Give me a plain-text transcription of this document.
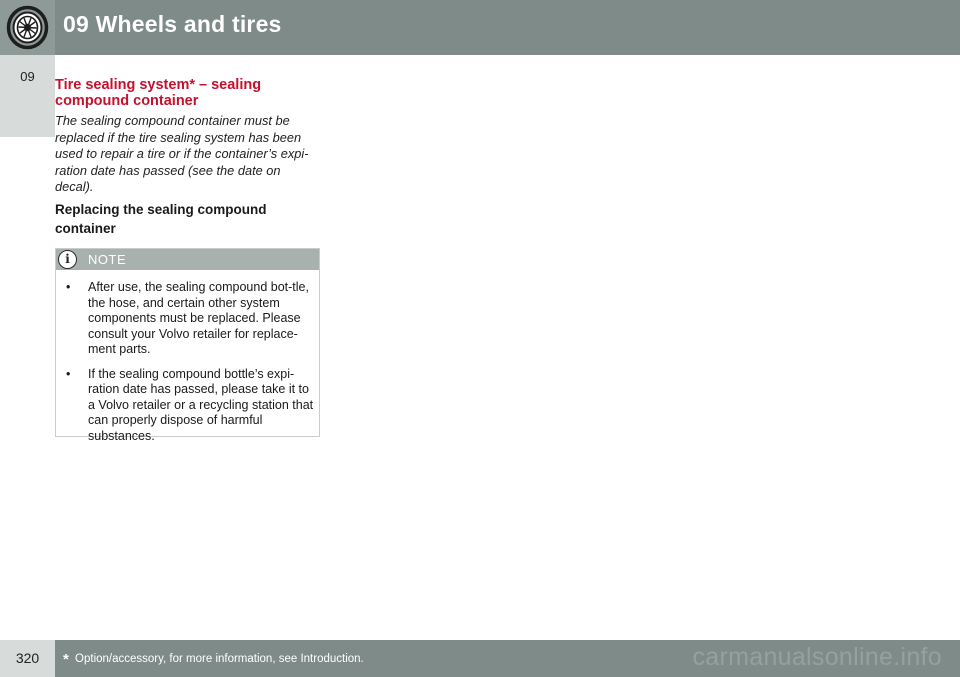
09 Wheels and tires
09
Tire sealing system* – sealing compound container
The sealing compound container must be replaced if the tire sealing system has been used to repair a tire or if the container’s expi-ration date has passed (see the date on decal).
Replacing the sealing compound container
i	NOTE
• After use, the sealing compound bot-tle, the hose, and certain other system components must be replaced. Please consult your Volvo retailer for replace-ment parts.
• If the sealing compound bottle’s expi-ration date has passed, please take it to a Volvo retailer or a recycling station that can properly dispose of harmful substances.
320	* Option/accessory, for more information, see Introduction.	carmanualsonline.info
